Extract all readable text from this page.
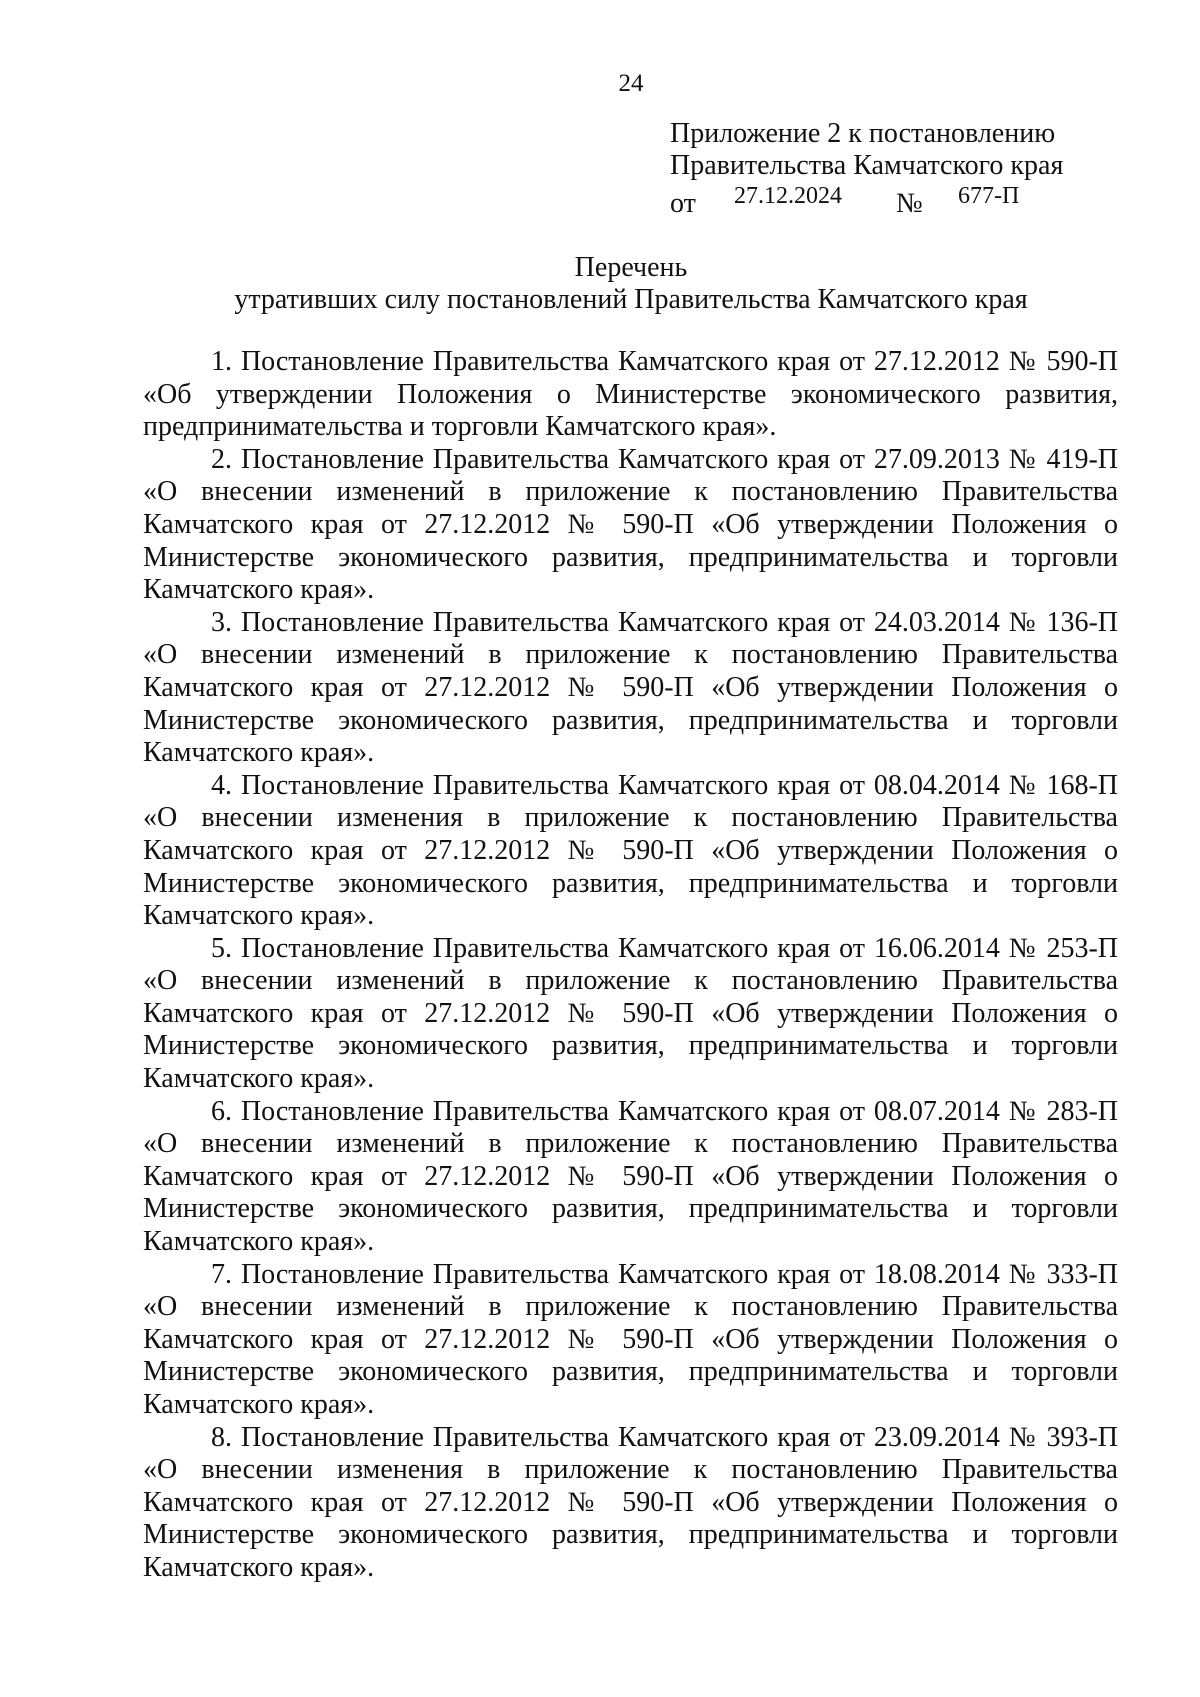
24
Приложение 2 к постановлению
Правительства Камчатского края
от 27.12.2024 № 677-П
Перечень
утративших силу постановлений Правительства Камчатского края

1. Постановление Правительства Камчатского края от 27.12.2012 № 590-П «Об утверждении Положения о Министерстве экономического развития, предпринимательства и торговли Камчатского края».

2. Постановление Правительства Камчатского края от 27.09.2013 № 419-П «О внесении изменений в приложение к постановлению Правительства Камчатского края от 27.12.2012 № 590-П «Об утверждении Положения о Министерстве экономического развития, предпринимательства и торговли Камчатского края».

3. Постановление Правительства Камчатского края от 24.03.2014 № 136-П «О внесении изменений в приложение к постановлению Правительства Камчатского края от 27.12.2012 № 590-П «Об утверждении Положения о Министерстве экономического развития, предпринимательства и торговли Камчатского края».

4. Постановление Правительства Камчатского края от 08.04.2014 № 168-П «О внесении изменения в приложение к постановлению Правительства Камчатского края от 27.12.2012 № 590-П «Об утверждении Положения о Министерстве экономического развития, предпринимательства и торговли Камчатского края».

5. Постановление Правительства Камчатского края от 16.06.2014 № 253-П «О внесении изменений в приложение к постановлению Правительства Камчатского края от 27.12.2012 № 590-П «Об утверждении Положения о Министерстве экономического развития, предпринимательства и торговли Камчатского края».

6. Постановление Правительства Камчатского края от 08.07.2014 № 283-П «О внесении изменений в приложение к постановлению Правительства Камчатского края от 27.12.2012 № 590-П «Об утверждении Положения о Министерстве экономического развития, предпринимательства и торговли Камчатского края».

7. Постановление Правительства Камчатского края от 18.08.2014 № 333-П «О внесении изменений в приложение к постановлению Правительства Камчатского края от 27.12.2012 № 590-П «Об утверждении Положения о Министерстве экономического развития, предпринимательства и торговли Камчатского края».

8. Постановление Правительства Камчатского края от 23.09.2014 № 393-П «О внесении изменения в приложение к постановлению Правительства Камчатского края от 27.12.2012 № 590-П «Об утверждении Положения о Министерстве экономического развития, предпринимательства и торговли Камчатского края».
